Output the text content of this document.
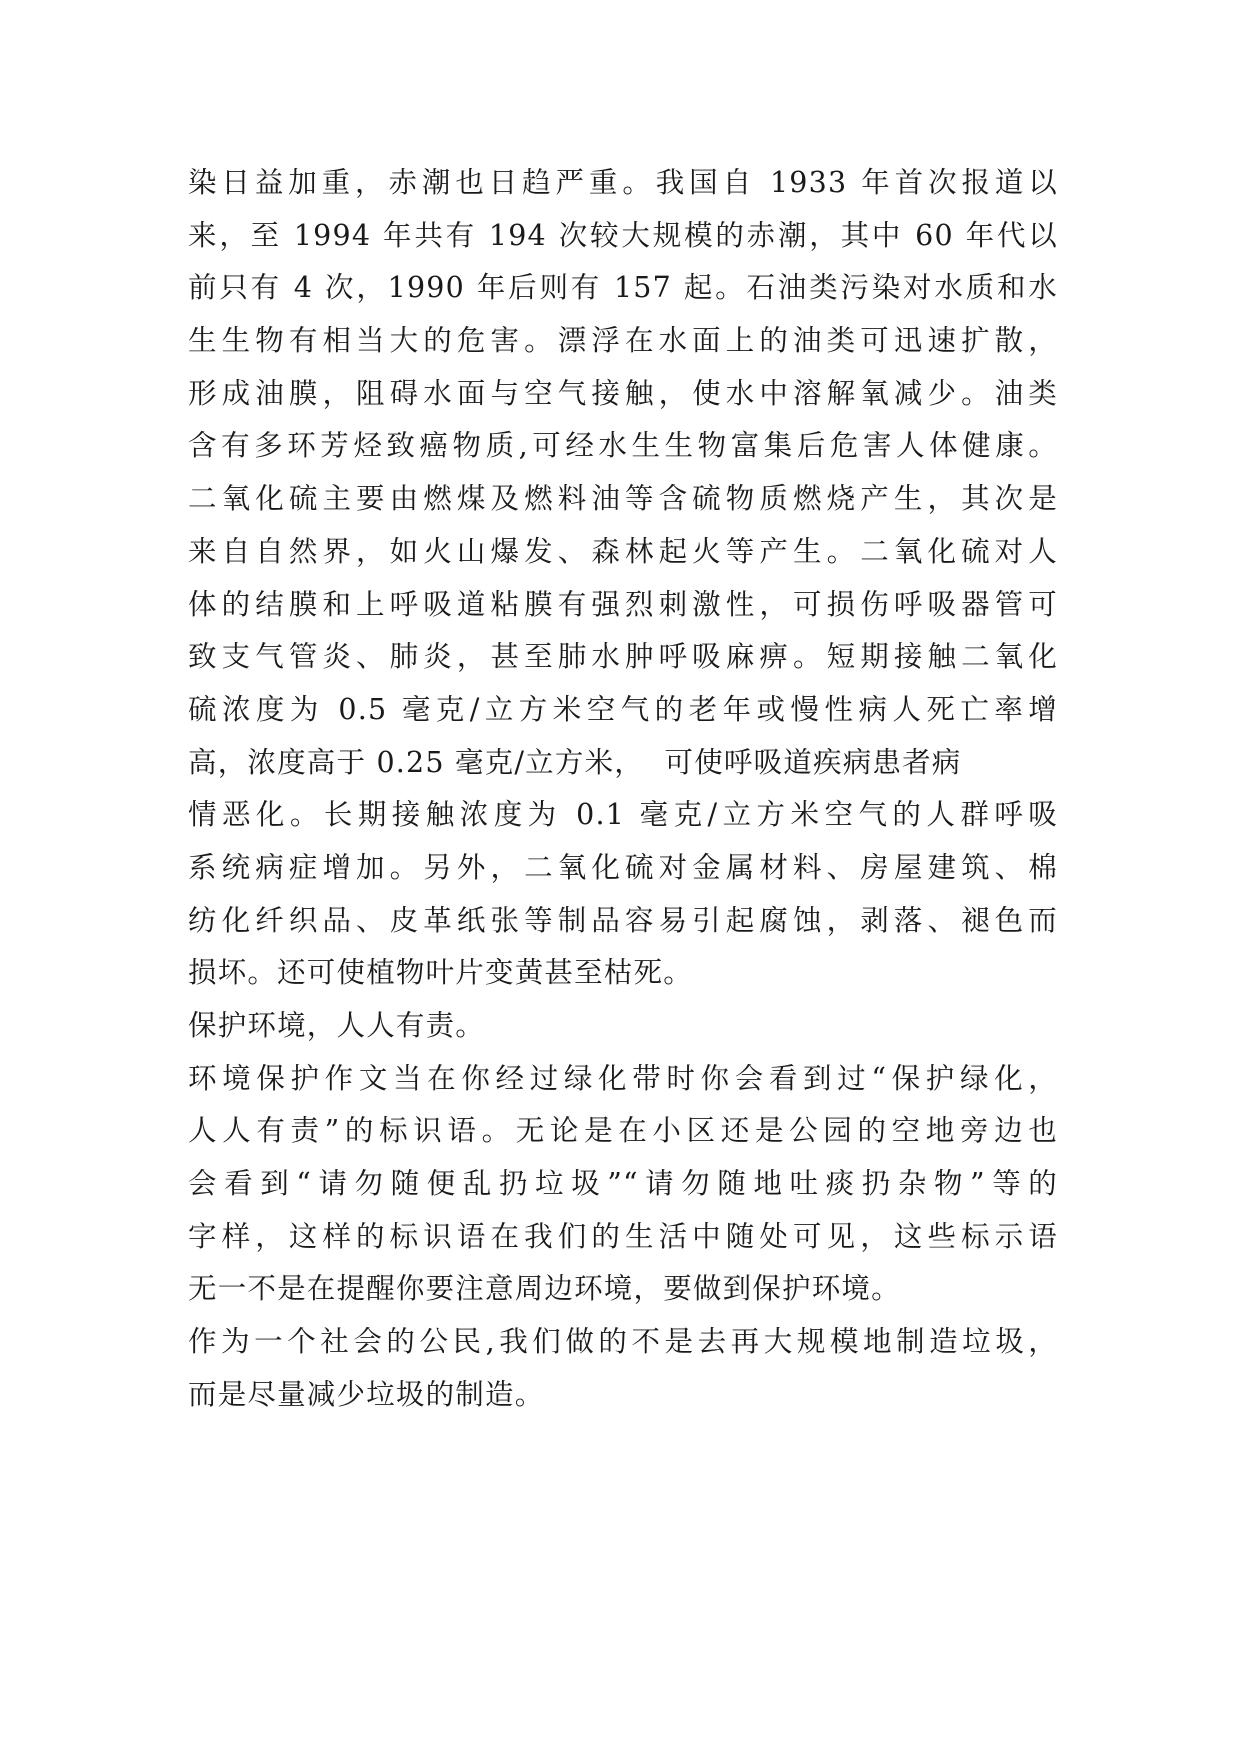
染日益加重，赤潮也日趋严重。我国自 1933 年首次报道以
来，至 1994 年共有 194 次较大规模的赤潮，其中 60 年代以
前只有 4 次，1990 年后则有 157 起。石油类污染对水质和水
生生物有相当大的危害。漂浮在水面上的油类可迅速扩散，
形成油膜，阻碍水面与空气接触，使水中溶解氧减少。油类
含有多环芳烃致癌物质,可经水生生物富集后危害人体健康。
二氧化硫主要由燃煤及燃料油等含硫物质燃烧产生，其次是
来自自然界，如火山爆发、森林起火等产生。二氧化硫对人
体的结膜和上呼吸道粘膜有强烈刺激性，可损伤呼吸器管可
致支气管炎、肺炎，甚至肺水肿呼吸麻痹。短期接触二氧化
硫浓度为 0.5 毫克/立方米空气的老年或慢性病人死亡率增
高，浓度高于 0.25 毫克/立方米，  可使呼吸道疾病患者病
情恶化。长期接触浓度为 0.1 毫克/立方米空气的人群呼吸
系统病症增加。另外，二氧化硫对金属材料、房屋建筑、棉
纺化纤织品、皮革纸张等制品容易引起腐蚀，剥落、褪色而
损坏。还可使植物叶片变黄甚至枯死。
保护环境，人人有责。
环境保护作文当在你经过绿化带时你会看到过“保护绿化，
人人有责”的标识语。无论是在小区还是公园的空地旁边也
会看到“请勿随便乱扔垃圾”“请勿随地吐痰扔杂物”等的
字样，这样的标识语在我们的生活中随处可见，这些标示语
无一不是在提醒你要注意周边环境，要做到保护环境。
作为一个社会的公民,我们做的不是去再大规模地制造垃圾，
而是尽量减少垃圾的制造。
